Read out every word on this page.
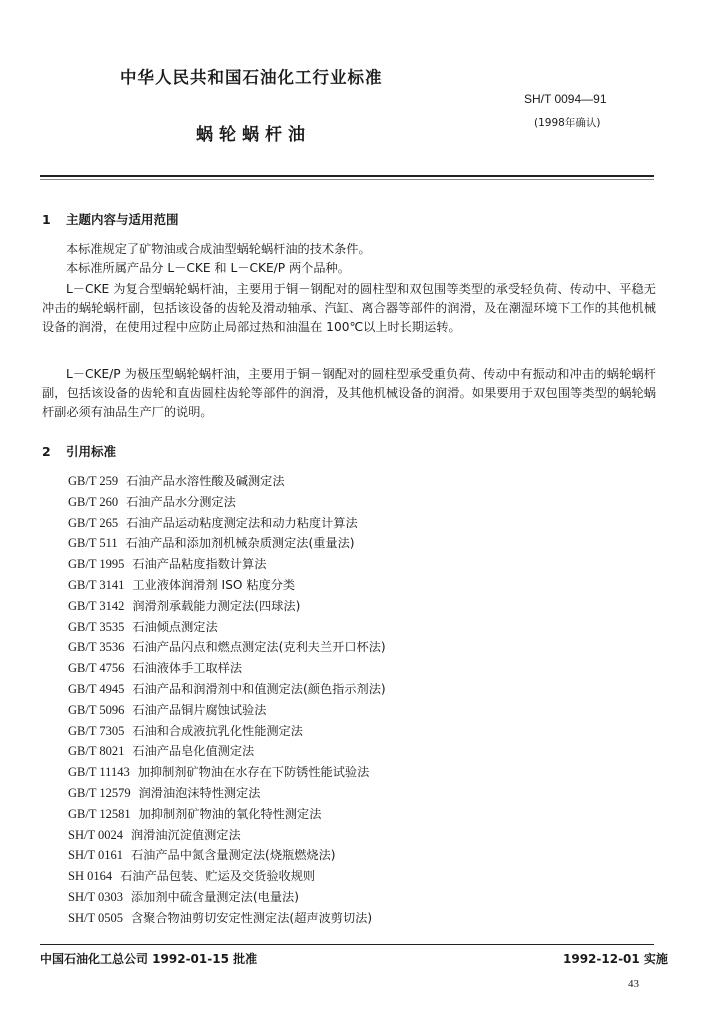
中华人民共和国石油化工行业标准
SH/T 0094—91
(1998年确认)
蜗轮蜗杆油
1 主题内容与适用范围
本标准规定了矿物油或合成油型蜗轮蜗杆油的技术条件。
本标准所属产品分 L－CKE 和 L－CKE/P 两个品种。
L－CKE 为复合型蜗轮蜗杆油，主要用于铜－钢配对的圆柱型和双包围等类型的承受轻负荷、传动中、平稳无冲击的蜗轮蜗杆副，包括该设备的齿轮及滑动轴承、汽缸、离合器等部件的润滑，及在潮湿环境下工作的其他机械设备的润滑，在使用过程中应防止局部过热和油温在 100℃以上时长期运转。
L－CKE/P 为极压型蜗轮蜗杆油，主要用于铜－钢配对的圆柱型承受重负荷、传动中有振动和冲击的蜗轮蜗杆副，包括该设备的齿轮和直齿圆柱齿轮等部件的润滑，及其他机械设备的润滑。如果要用于双包围等类型的蜗轮蜗杆副必须有油品生产厂的说明。
2 引用标准
GB/T 259 石油产品水溶性酸及碱测定法
GB/T 260 石油产品水分测定法
GB/T 265 石油产品运动粘度测定法和动力粘度计算法
GB/T 511 石油产品和添加剂机械杂质测定法(重量法)
GB/T 1995 石油产品粘度指数计算法
GB/T 3141 工业液体润滑剂 ISO 粘度分类
GB/T 3142 润滑剂承载能力测定法(四球法)
GB/T 3535 石油倾点测定法
GB/T 3536 石油产品闪点和燃点测定法(克利夫兰开口杯法)
GB/T 4756 石油液体手工取样法
GB/T 4945 石油产品和润滑剂中和值测定法(颜色指示剂法)
GB/T 5096 石油产品铜片腐蚀试验法
GB/T 7305 石油和合成液抗乳化性能测定法
GB/T 8021 石油产品皂化值测定法
GB/T 11143 加抑制剂矿物油在水存在下防锈性能试验法
GB/T 12579 润滑油泡沫特性测定法
GB/T 12581 加抑制剂矿物油的氧化特性测定法
SH/T 0024 润滑油沉淀值测定法
SH/T 0161 石油产品中氮含量测定法(烧瓶燃烧法)
SH 0164 石油产品包装、贮运及交货验收规则
SH/T 0303 添加剂中硫含量测定法(电量法)
SH/T 0505 含聚合物油剪切安定性测定法(超声波剪切法)
中国石油化工总公司 1992-01-15 批准	1992-12-01 实施
43
